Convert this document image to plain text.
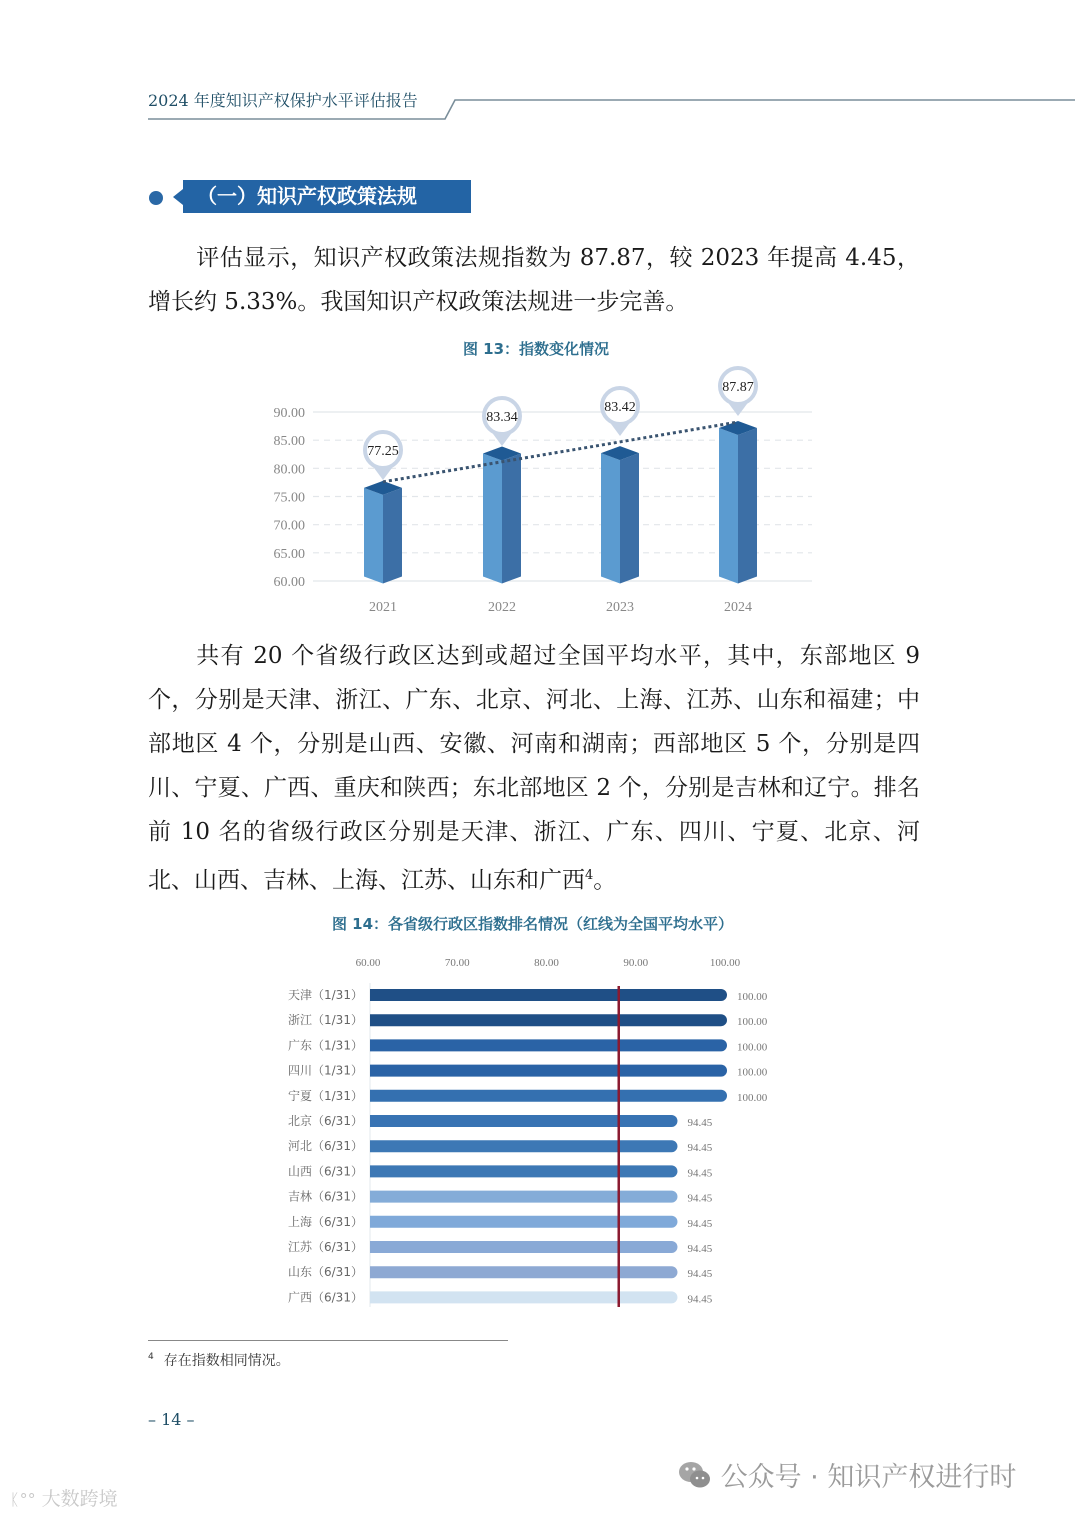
2024 年度知识产权保护水平评估报告
（一）知识产权政策法规
评估显示，知识产权政策法规指数为 87.87，较 2023 年提高 4.45，增长约 5.33%。我国知识产权政策法规进一步完善。
图 13：指数变化情况
60.00
65.00
70.00
75.00
80.00
85.00
90.00
2021	2022	2023	2024
77.25
83.34
83.42
87.87
共有 20 个省级行政区达到或超过全国平均水平，其中，东部地区 9 个，分别是天津、浙江、广东、北京、河北、上海、江苏、山东和福建；中部地区 4 个，分别是山西、安徽、河南和湖南；西部地区 5 个，分别是四川、宁夏、广西、重庆和陕西；东北部地区 2 个，分别是吉林和辽宁。排名前 10 名的省级行政区分别是天津、浙江、广东、四川、宁夏、北京、河北、山西、吉林、上海、江苏、山东和广西$^4$。
图 14：各省级行政区指数排名情况（红线为全国平均水平）
60.00	70.00	80.00	90.00	100.00
天津（1/31）	100.00
浙江（1/31）	100.00
广东（1/31）	100.00
四川（1/31）	100.00
宁夏（1/31）	100.00
北京（6/31）	94.45
河北（6/31）	94.45
山西（6/31）	94.45
吉林（6/31）	94.45
上海（6/31）	94.45
江苏（6/31）	94.45
山东（6/31）	94.45
广西（6/31）	94.45
$^4$ 存在指数相同情况。
– 14 –
公众号 · 知识产权进行时
ᛕ°° 大数跨境
